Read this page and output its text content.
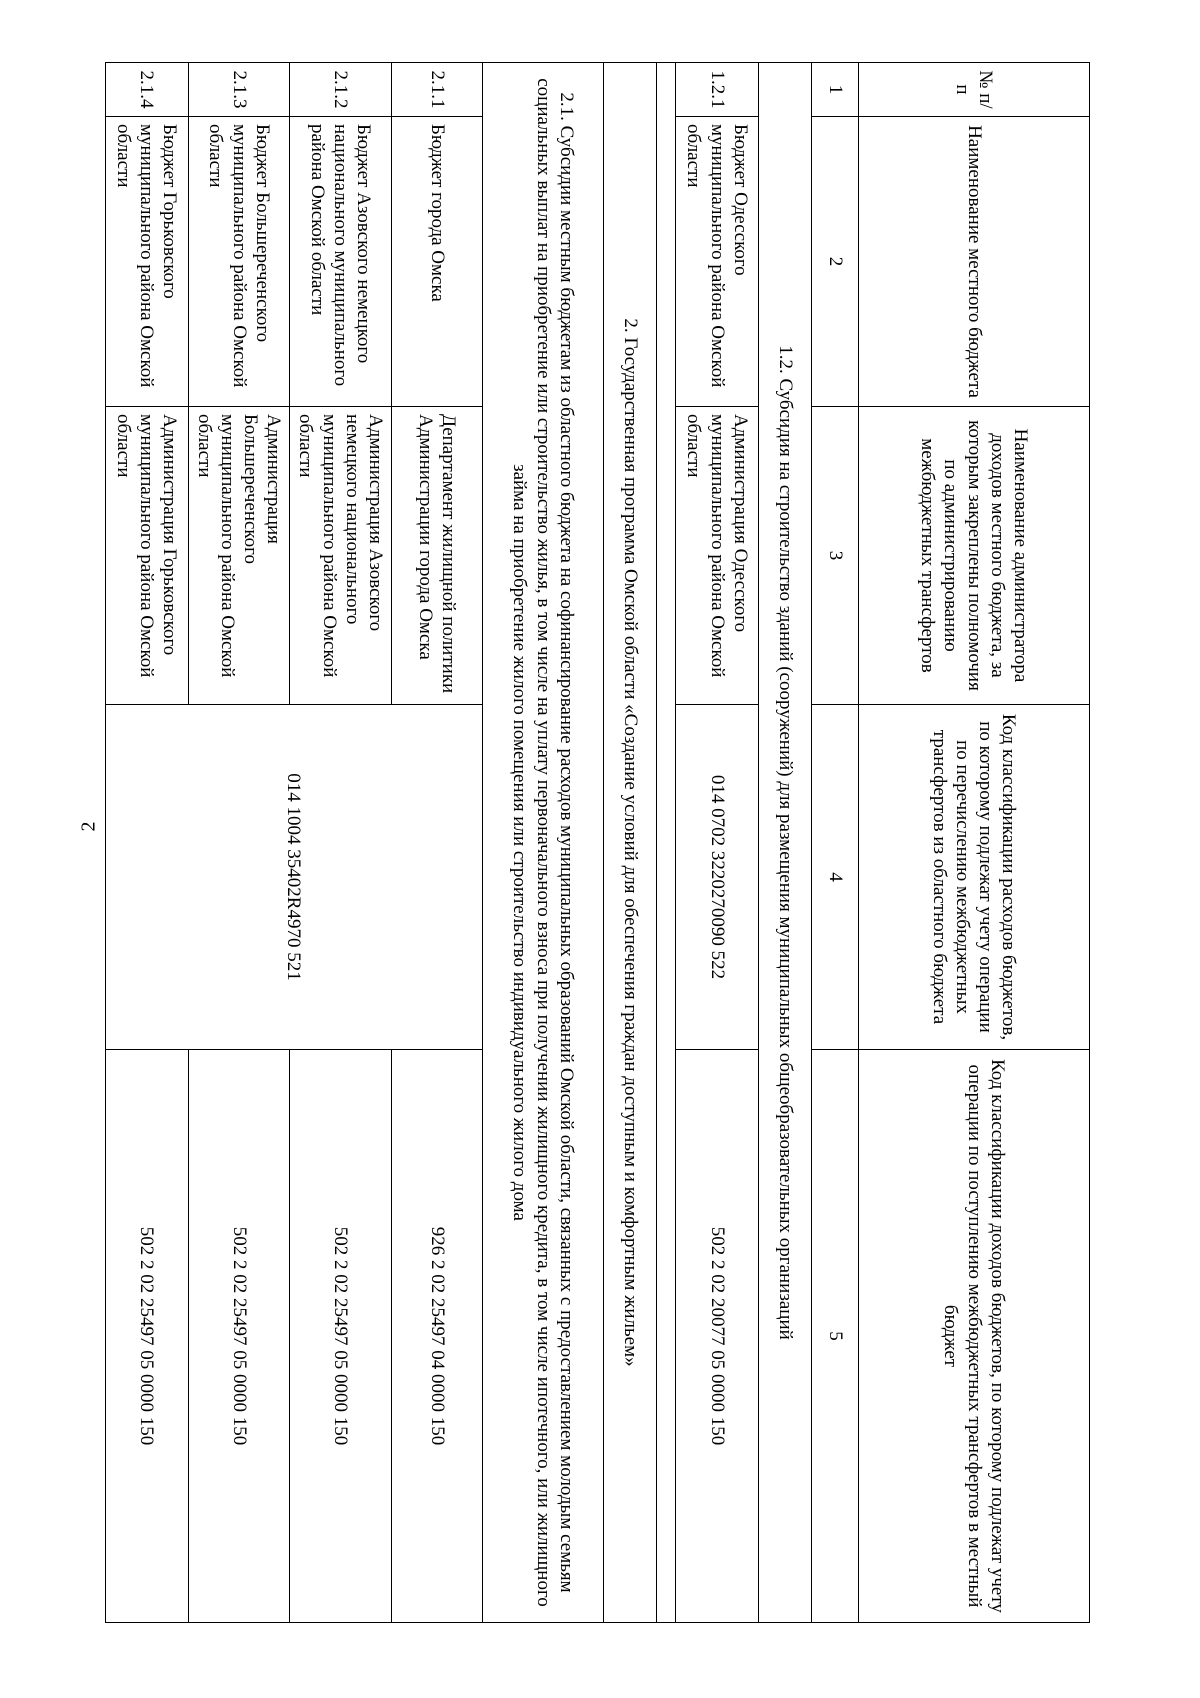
2
№ п/п	Наименование местного бюджета	Наименование администратора доходов местного бюджета, за которым закреплены полномочия по администрированию межбюджетных трансфертов	Код классификации расходов бюджетов, по которому подлежат учету операции по перечислению межбюджетных трансфертов из областного бюджета	Код классификации доходов бюджетов, по которому подлежат учету операции по поступлению межбюджетных трансфертов в местный бюджет
1	2	3	4	5
1.2. Субсидия на строительство зданий (сооружений) для размещения муниципальных общеобразовательных организаций				
1.2.1	Бюджет Одесского муниципального района Омской области	Администрация Одесского муниципального района Омской области	014 0702 3220270090 522	502 2 02 20077 05 0000 150

2. Государственная программа Омской области «Создание условий для обеспечения граждан доступным и комфортным жильем»				
2.1. Субсидии местным бюджетам из областного бюджета на софинансирование расходов муниципальных образований Омской области, связанных с предоставлением молодым семьям социальных выплат на приобретение или строительство жилья, в том числе на уплату первоначального взноса при получении жилищного кредита, в том числе ипотечного, или жилищного займа на приобретение жилого помещения или строительство индивидуального жилого дома				
2.1.1	Бюджет города Омска	Департамент жилищной политики Администрации города Омска	014 1004 35402R4970 521	926 2 02 25497 04 0000 150
2.1.2	Бюджет Азовского немецкого национального муниципального района Омской области	Администрация Азовского немецкого национального муниципального района Омской области		502 2 02 25497 05 0000 150
2.1.3	Бюджет Большереченского муниципального района Омской области	Администрация Большереченского муниципального района Омской области		502 2 02 25497 05 0000 150
2.1.4	Бюджет Горьковского муниципального района Омской области	Администрация Горьковского муниципального района Омской области		502 2 02 25497 05 0000 150
